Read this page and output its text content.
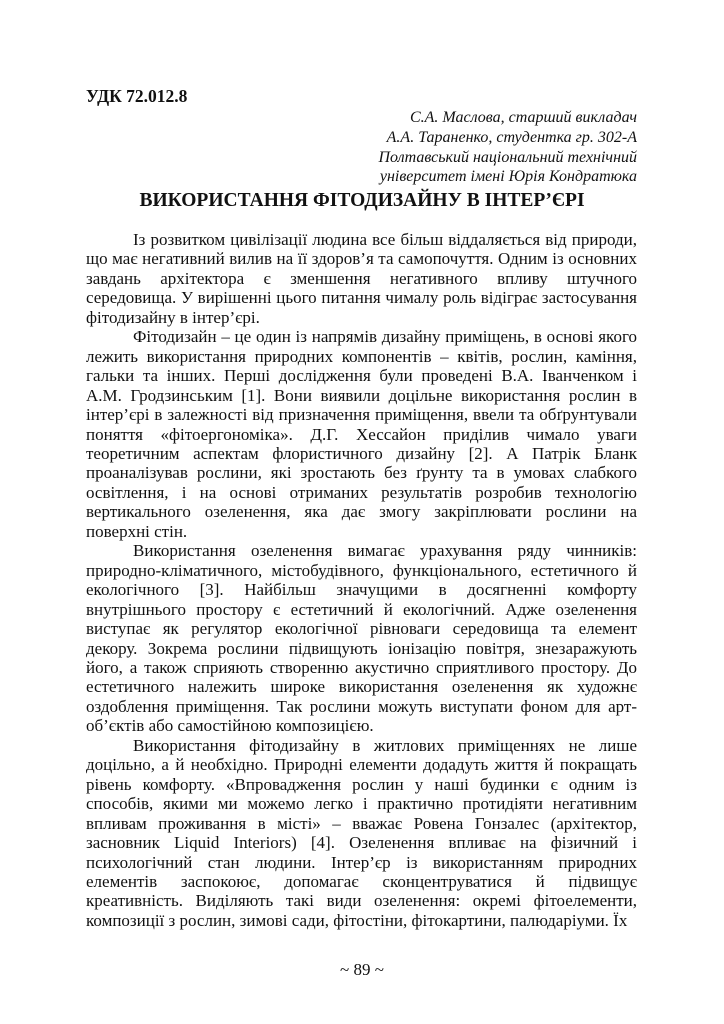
УДК 72.012.8
С.А. Маслова, старший викладач
А.А. Тараненко, студентка гр. 302-А
Полтавський національний технічний
університет імені Юрія Кондратюка
ВИКОРИСТАННЯ ФІТОДИЗАЙНУ В ІНТЕР’ЄРІ
Із розвитком цивілізації людина все більш віддаляється від природи,
що має негативний вилив на її здоров’я та самопочуття. Одним із основних
завдань архітектора є зменшення негативного впливу штучного
середовища. У вирішенні цього питання чималу роль відіграє застосування
фітодизайну в інтер’єрі.
Фітодизайн – це один із напрямів дизайну приміщень, в основі якого
лежить використання природних компонентів – квітів, рослин, каміння,
гальки та інших. Перші дослідження були проведені В.А. Іванченком і
А.М. Гродзинським [1]. Вони виявили доцільне використання рослин в
інтер’єрі в залежності від призначення приміщення, ввели та обґрунтували
поняття «фітоергономіка». Д.Г. Хессайон приділив чимало уваги
теоретичним аспектам флористичного дизайну [2]. А Патрік Бланк
проаналізував рослини, які зростають без ґрунту та в умовах слабкого
освітлення, і на основі отриманих результатів розробив технологію
вертикального озеленення, яка дає змогу закріплювати рослини на
поверхні стін.
Використання озеленення вимагає урахування ряду чинників:
природно-кліматичного, містобудівного, функціонального, естетичного й
екологічного [3]. Найбільш значущими в досягненні комфорту
внутрішнього простору є естетичний й екологічний. Адже озеленення
виступає як регулятор екологічної рівноваги середовища та елемент
декору. Зокрема рослини підвищують іонізацію повітря, знезаражують
його, а також сприяють створенню акустично сприятливого простору. До
естетичного належить широке використання озеленення як художнє
оздоблення приміщення. Так рослини можуть виступати фоном для арт-
об’єктів або самостійною композицією.
Використання фітодизайну в житлових приміщеннях не лише
доцільно, а й необхідно. Природні елементи додадуть життя й покращать
рівень комфорту. «Впровадження рослин у наші будинки є одним із
способів, якими ми можемо легко і практично протидіяти негативним
впливам проживання в місті» – вважає Ровена Гонзалес (архітектор,
засновник Liquid Interiors) [4]. Озеленення впливає на фізичний і
психологічний стан людини. Інтер’єр із використанням природних
елементів заспокоює, допомагає сконцентруватися й підвищує
креативність. Виділяють такі види озеленення: окремі фітоелементи,
композиції з рослин, зимові сади, фітостіни, фітокартини, палюдаріуми. Їх
~ 89 ~
